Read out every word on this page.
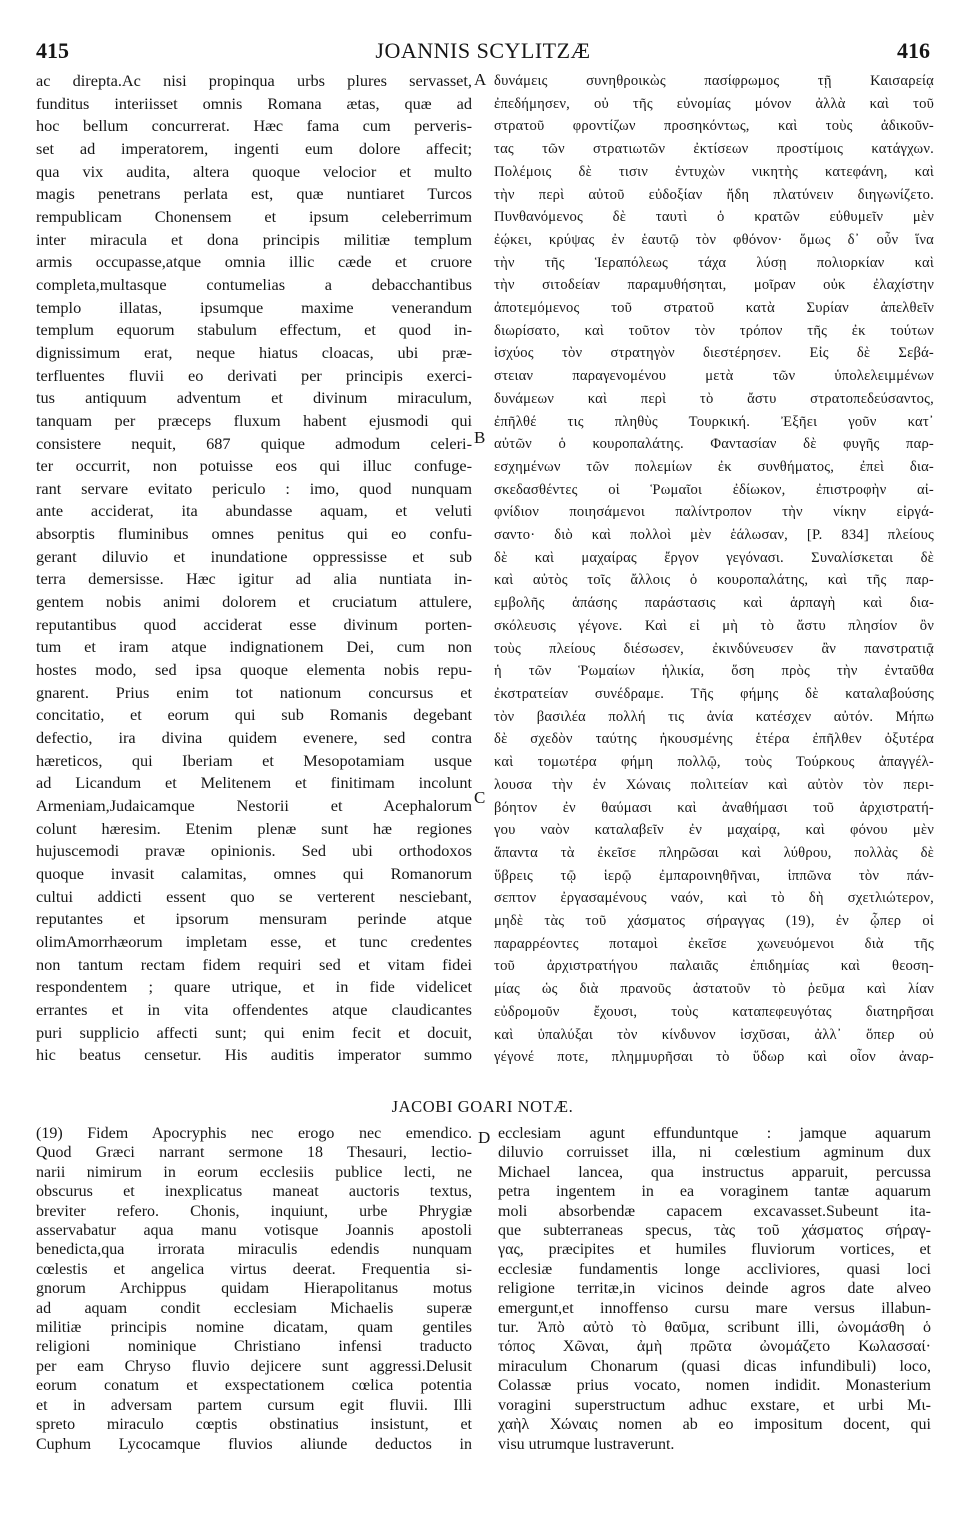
415	JOANNIS SCYLITZÆ	416
ac direpta.Ac nisi propinqua urbs plures servasset,
funditus interiisset omnis Romana ætas, quæ ad
hoc bellum concurrerat. Hæc fama cum perveris-
set ad imperatorem, ingenti eum dolore affecit;
qua vix audita, altera quoque velocior et multo
magis penetrans perlata est, quæ nuntiaret Turcos
rempublicam Chonensem et ipsum celeberrimum
inter miracula et dona principis militiæ templum
armis occupasse,atque omnia illic cæde et cruore
completa,multasque contumelias a debacchantibus
templo illatas, ipsumque maxime venerandum
templum equorum stabulum effectum, et quod in-
dignissimum erat, neque hiatus cloacas, ubi præ-
terfluentes fluvii eo derivati per principis exerci-
tus antiquum adventum et divinum miraculum,
tanquam per præceps fluxum habent ejusmodi qui
consistere nequit, 687 quique admodum celeri-
ter occurrit, non potuisse eos qui illuc confuge-
rant servare evitato periculo : imo, quod nunquam
ante acciderat, ita abundasse aquam, et veluti
absorptis fluminibus omnes penitus qui eo confu-
gerant diluvio et inundatione oppressisse et sub
terra demersisse. Hæc igitur ad alia nuntiata in-
gentem nobis animi dolorem et cruciatum attulere,
reputantibus quod acciderat esse divinum porten-
tum et iram atque indignationem Dei, cum non
hostes modo, sed ipsa quoque elementa nobis repu-
gnarent. Prius enim tot nationum concursus et
concitatio, et eorum qui sub Romanis degebant
defectio, ira divina quidem evenere, sed contra
hæreticos, qui Iberiam et Mesopotamiam usque
ad Licandum et Melitenem et finitimam incolunt
Armeniam,Judaicamque Nestorii et Acephalorum
colunt hæresim. Etenim plenæ sunt hæ regiones
hujuscemodi pravæ opinionis. Sed ubi orthodoxos
quoque invasit calamitas, omnes qui Romanorum
cultui addicti essent quo se verterent nesciebant,
reputantes et ipsorum mensuram perinde atque
olimAmorrhæorum impletam esse, et tunc credentes
non tantum rectam fidem requiri sed et vitam fidei
respondentem ; quare utrique, et in fide videlicet
errantes et in vita offendentes atque claudicantes
puri supplicio affecti sunt; qui enim fecit et docuit,
hic beatus censetur. His auditis imperator summo
δυνάμεις συνηθροικὼς πασίφρωμος τῇ Καισαρείᾳ
ἐπεδήμησεν, οὐ τῆς εὐνομίας μόνον ἀλλὰ καὶ τοῦ
στρατοῦ φροντίζων προσηκόντως, καὶ τοὺς ἀδικοῦν-
τας τῶν στρατιωτῶν ἐκτίσεων προστίμοις κατάγχων.
Πολέμοις δὲ τισιν ἐντυχὼν νικητὴς κατεφάνη, καὶ
τὴν περὶ αὐτοῦ εὐδοξίαν ἤδη πλατύνειν διηγωνίζετο.
Πυνθανόμενος δὲ ταυτὶ ὁ κρατῶν εὐθυμεῖν μὲν
ἐῴκει, κρύψας ἐν ἑαυτῷ τὸν φθόνον· ὅμως δ᾽ οὖν ἵνα
τὴν τῆς Ἱεραπόλεως τάχα λύσῃ πολιορκίαν καὶ
τὴν σιτοδείαν παραμυθήσηται, μοῖραν οὐκ ἐλαχίστην
ἀποτεμόμενος τοῦ στρατοῦ κατὰ Συρίαν ἀπελθεῖν
διωρίσατο, καὶ τοῦτον τὸν τρόπον τῆς ἐκ τούτων
ἰσχύος τὸν στρατηγὸν διεστέρησεν. Εἰς δὲ Σεβά-
στειαν παραγενομένου μετὰ τῶν ὑπολελειμμένων
δυνάμεων καὶ περὶ τὸ ἄστυ στρατοπεδεύσαντος,
ἐπῆλθέ τις πληθὺς Τουρκική. Ἐξῆει γοῦν κατ᾽
αὐτῶν ὁ κουροπαλάτης. Φαντασίαν δὲ φυγῆς παρ-
εσχημένων τῶν πολεμίων ἐκ συνθήματος, ἐπεὶ δια-
σκεδασθέντες οἱ Ῥωμαῖοι ἐδίωκον, ἐπιστροφὴν αἰ-
φνίδιον ποιησάμενοι παλίντροπον τὴν νίκην εἰργά-
σαντο· διὸ καὶ πολλοὶ μὲν ἑάλωσαν, [P. 834] πλείους
δὲ καὶ μαχαίρας ἔργον γεγόνασι. Συναλίσκεται δὲ
καὶ αὐτὸς τοῖς ἄλλοις ὁ κουροπαλάτης, καὶ τῆς παρ-
εμβολῆς ἁπάσης παράστασις καὶ ἁρπαγὴ καὶ δια-
σκόλευσις γέγονε. Καὶ εἰ μὴ τὸ ἄστυ πλησίον ὂν
τοὺς πλείους διέσωσεν, ἐκινδύνευσεν ἂν πανστρατιᾷ
ἡ τῶν Ῥωμαίων ἡλικία, ὅση πρὸς τὴν ἐνταῦθα
ἐκστρατείαν συνέδραμε. Τῆς φήμης δὲ καταλαβούσης
τὸν βασιλέα πολλή τις ἀνία κατέσχεν αὐτόν. Μήπω
δὲ σχεδὸν ταύτης ἠκουσμένης ἑτέρα ἐπῆλθεν ὀξυτέρα
καὶ τομωτέρα φήμη πολλῷ, τοὺς Τούρκους ἀπαγγέλ-
λουσα τὴν ἐν Χώναις πολιτείαν καὶ αὐτὸν τὸν περι-
βόητον ἐν θαύμασι καὶ ἀναθήμασι τοῦ ἀρχιστρατή-
γου ναὸν καταλαβεῖν ἐν μαχαίρᾳ, καὶ φόνου μὲν
ἅπαντα τὰ ἐκεῖσε πληρῶσαι καὶ λύθρου, πολλὰς δὲ
ὕβρεις τῷ ἱερῷ ἐμπαροινηθῆναι, ἱππῶνα τὸν πάν-
σεπτον ἐργασαμένους ναόν, καὶ τὸ δὴ σχετλιώτερον,
μηδὲ τὰς τοῦ χάσματος σήραγγας (19), ἐν ᾧπερ οἱ
παραρρέοντες ποταμοὶ ἐκεῖσε χωνευόμενοι διὰ τῆς
τοῦ ἀρχιστρατήγου παλαιᾶς ἐπιδημίας καὶ θεοση-
μίας ὡς διὰ πρανοῦς ἀστατοῦν τὸ ῥεῦμα καὶ λίαν
εὐδρομοῦν ἔχουσι, τοὺς καταπεφευγότας διατηρῆσαι
καὶ ὑπαλύξαι τὸν κίνδυνον ἰσχῦσαι, ἀλλ᾽ ὅπερ οὐ
γέγονέ ποτε, πλημμυρῆσαι τὸ ὕδωρ καὶ οἷον ἀναρ-
A
B
C
JACOBI GOARI NOTÆ.
D
(19) Fidem Apocryphis nec erogo nec emendico.
Quod Græci narrant sermone 18 Thesauri, lectio-
narii nimirum in eorum ecclesiis publice lecti, ne
obscurus et inexplicatus maneat auctoris textus,
breviter refero. Chonis, inquiunt, urbe Phrygiæ
asservabatur aqua manu votisque Joannis apostoli
benedicta,qua irrorata miraculis edendis nunquam
cœlestis et angelica virtus deerat. Frequentia si-
gnorum Archippus quidam Hierapolitanus motus
ad aquam condit ecclesiam Michaelis superæ
militiæ principis nomine dicatam, quam gentiles
religioni nominique Christiano infensi traducto
per eam Chryso fluvio dejicere sunt aggressi.Delusit
eorum conatum et exspectationem cœlica potentia
et in adversam partem cursum egit fluvii. Illi
spreto miraculo cœptis obstinatius insistunt, et
Cuphum Lycocamque fluvios aliunde deductos in
ecclesiam agunt effunduntque : jamque aquarum
diluvio corruisset illa, ni cœlestium agminum dux
Michael lancea, qua instructus apparuit, percussa
petra ingentem in ea voraginem tantæ aquarum
moli absorbendæ capacem excavasset.Subeunt ita-
que subterraneas specus, τὰς τοῦ χάσματος σήραγ-
γας, præcipites et humiles fluviorum vortices, et
ecclesiæ fundamentis longe accliviores, quasi loci
religione territæ,in vicinos deinde agros date alveo
emergunt,et innoffenso cursu mare versus illabun-
tur. Ἀπὸ αὐτὸ τὸ θαῦμα, scribunt illi, ὠνομάσθη ὁ
τόπος Χῶναι, ἀμὴ πρῶτα ὠνομάζετο Κωλασσαί·
miraculum Chonarum (quasi dicas infundibuli) loco,
Colassæ prius vocato, nomen indidit. Monasterium
voragini superstructum adhuc exstare, et urbi Μι-
χαὴλ Χώναις nomen ab eo impositum docent, qui
visu utrumque lustraverunt.
